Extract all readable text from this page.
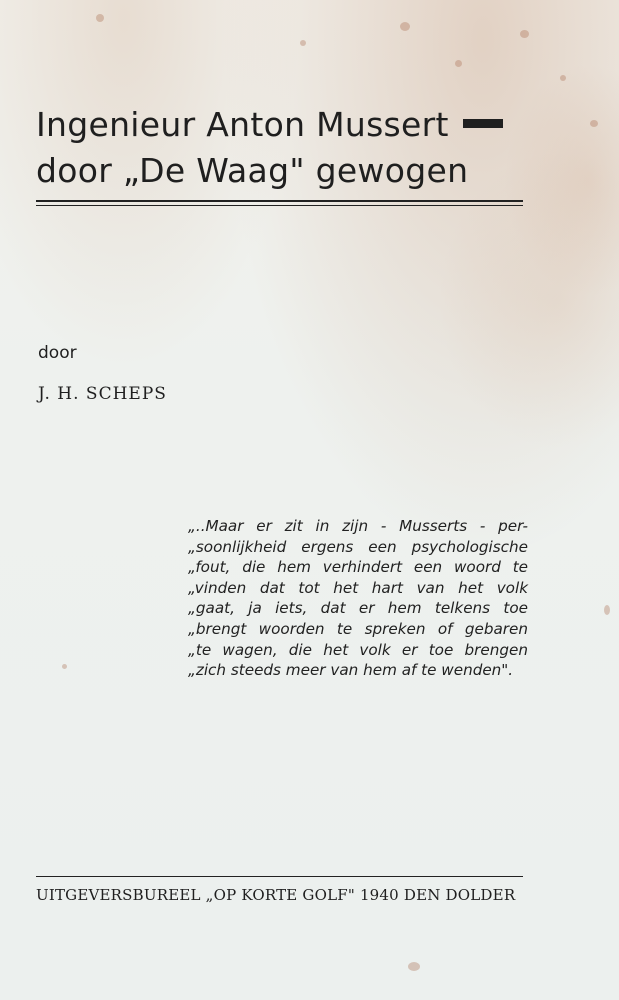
Ingenieur Anton Mussert
door „De Waag" gewogen
door
J. H. SCHEPS
„..Maar er zit in zijn - Musserts - per-
„soonlijkheid ergens een psychologische
„fout, die hem verhindert een woord te
„vinden dat tot het hart van het volk
„gaat, ja iets, dat er hem telkens toe
„brengt woorden te spreken of gebaren
„te wagen, die het volk er toe brengen
„zich steeds meer van hem af te wenden".
UITGEVERSBUREEL „OP KORTE GOLF" 1940 DEN DOLDER
